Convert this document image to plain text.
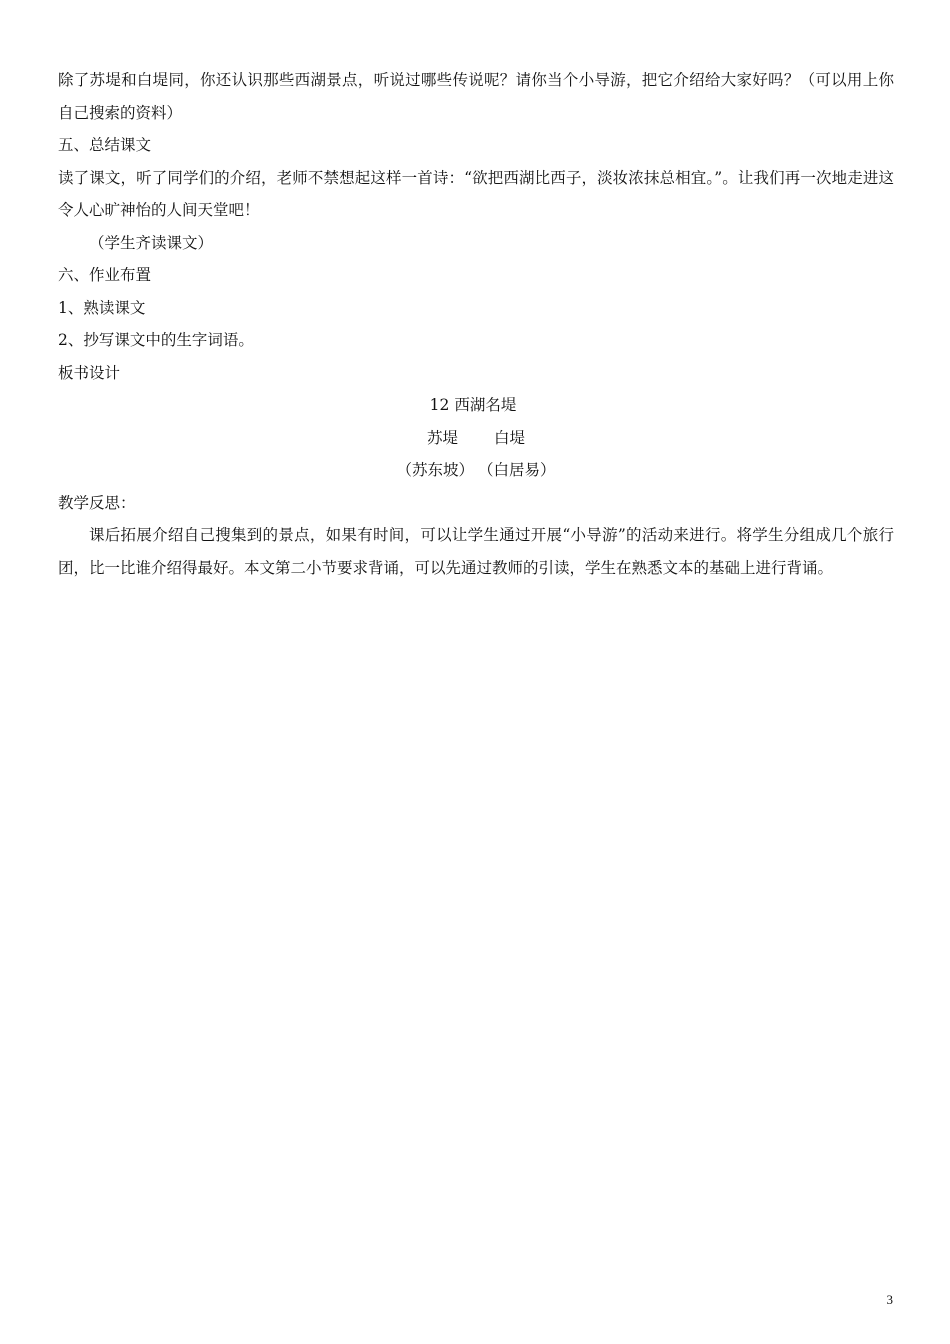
除了苏堤和白堤同，你还认识那些西湖景点，听说过哪些传说呢？请你当个小导游，把它介绍给大家好吗？（可以用上你自己搜索的资料）

五、总结课文

读了课文，听了同学们的介绍，老师不禁想起这样一首诗：“欲把西湖比西子，淡妆浓抹总相宜。”。让我们再一次地走进这令人心旷神怡的人间天堂吧！

（学生齐读课文）

六、作业布置

1、熟读课文

2、抄写课文中的生字词语。

板书设计

12 西湖名堤

苏堤 白堤

（苏东坡） （白居易）

教学反思：

课后拓展介绍自己搜集到的景点，如果有时间，可以让学生通过开展“小导游”的活动来进行。将学生分组成几个旅行团，比一比谁介绍得最好。本文第二小节要求背诵，可以先通过教师的引读，学生在熟悉文本的基础上进行背诵。

3
